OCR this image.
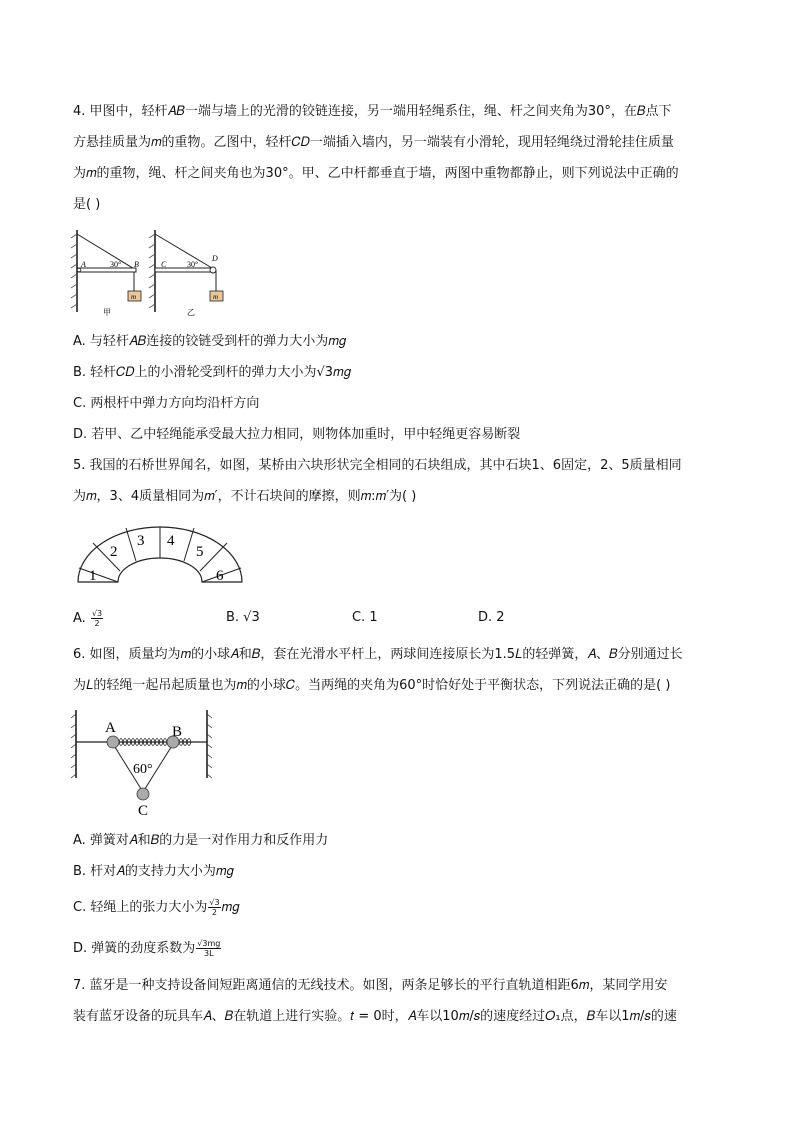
4. 甲图中，轻杆𝐴𝐵一端与墙上的光滑的铰链连接，另一端用轻绳系住，绳、杆之间夹角为30°，在𝐵点下
方悬挂质量为𝑚的重物。乙图中，轻杆𝐶𝐷一端插入墙内，另一端装有小滑轮，现用轻绳绕过滑轮挂住质量
为𝑚的重物，绳、杆之间夹角也为30°。甲、乙中杆都垂直于墙，两图中重物都静止，则下列说法中正确的
是( )
A	30° B
m
甲
C	30°
D
m
乙
A. 与轻杆𝐴𝐵连接的铰链受到杆的弹力大小为𝑚𝑔
B. 轻杆𝐶𝐷上的小滑轮受到杆的弹力大小为√3𝑚𝑔
C. 两根杆中弹力方向均沿杆方向
D. 若甲、乙中轻绳能承受最大拉力相同，则物体加重时，甲中轻绳更容易断裂
5. 我国的石桥世界闻名，如图，某桥由六块形状完全相同的石块组成，其中石块1、6固定，2、5质量相同
为𝑚，3、4质量相同为𝑚′，不计石块间的摩擦，则𝑚:𝑚′为( )
1
2
3 4
5
6
A. $\frac{√3}{2}$	B. √3	C. 1	D. 2
6. 如图，质量均为𝑚的小球𝐴和𝐵，套在光滑水平杆上，两球间连接原长为1.5𝐿的轻弹簧，𝐴、𝐵分别通过长
为𝐿的轻绳一起吊起质量也为𝑚的小球𝐶。当两绳的夹角为60°时恰好处于平衡状态，下列说法正确的是( )
A	B
60°
C
A. 弹簧对𝐴和𝐵的力是一对作用力和反作用力
B. 杆对𝐴的支持力大小为𝑚𝑔
C. 轻绳上的张力大小为 $\frac{√3}{2}$ 𝑚𝑔
D. 弹簧的劲度系数为 $\frac{√3mg}{3L}$
7. 蓝牙是一种支持设备间短距离通信的无线技术。如图，两条足够长的平行直轨道相距6𝑚，某同学用安
装有蓝牙设备的玩具车𝐴、𝐵在轨道上进行实验。𝑡 = 0时，𝐴车以10𝑚/𝑠的速度经过𝑂₁点，𝐵车以1𝑚/𝑠的速
